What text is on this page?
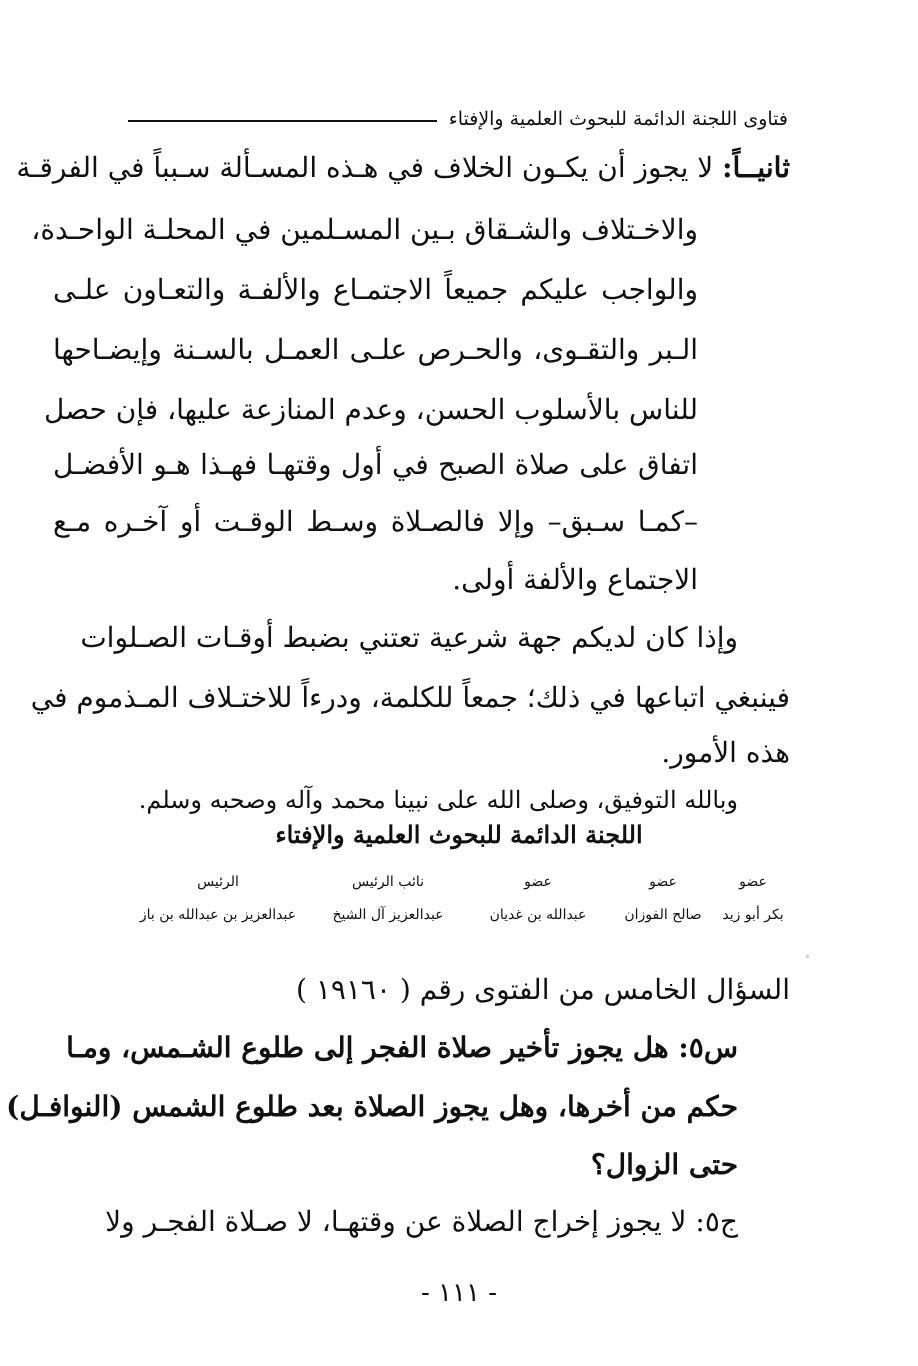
فتاوى اللجنة الدائمة للبحوث العلمية والإفتاء
ثانيــاً: لا يجوز أن يكـون الخلاف في هـذه المسـألة سـبباً في الفرقـة
والاخـتلاف والشـقاق بـين المسـلمين في المحلـة الواحـدة،
والواجب عليكم جميعاً الاجتمـاع والألفـة والتعـاون علـى
الـبر والتقـوى، والحـرص علـى العمـل بالسـنة وإيضـاحها
للناس بالأسلوب الحسن، وعدم المنازعة عليها، فإن حصل
اتفاق على صلاة الصبح في أول وقتهـا فهـذا هـو الأفضـل
–كمـا سـبق– وإلا فالصـلاة وسـط الوقـت أو آخـره مـع
الاجتماع والألفة أولى.
وإذا كان لديكم جهة شرعية تعتني بضبط أوقـات الصـلوات
فينبغي اتباعها في ذلك؛ جمعاً للكلمة، ودرءاً للاختـلاف المـذموم في
هذه الأمور.
وبالله التوفيق، وصلى الله على نبينا محمد وآله وصحبه وسلم.
اللجنة الدائمة للبحوث العلمية والإفتاء
عضو
بكر أبو زيد
عضو
صالح الفوزان
عضو
عبدالله بن غديان
نائب الرئيس
عبدالعزيز آل الشيخ
الرئيس
عبدالعزيز بن عبدالله بن باز
السؤال الخامس من الفتوى رقم ( ١٩١٦٠ )
س٥: هل يجوز تأخير صلاة الفجر إلى طلوع الشـمس، ومـا
حكم من أخرها، وهل يجوز الصلاة بعد طلوع الشمس (النوافـل)
حتى الزوال؟
ج٥: لا يجوز إخراج الصلاة عن وقتهـا، لا صـلاة الفجـر ولا
- ١١١ -
